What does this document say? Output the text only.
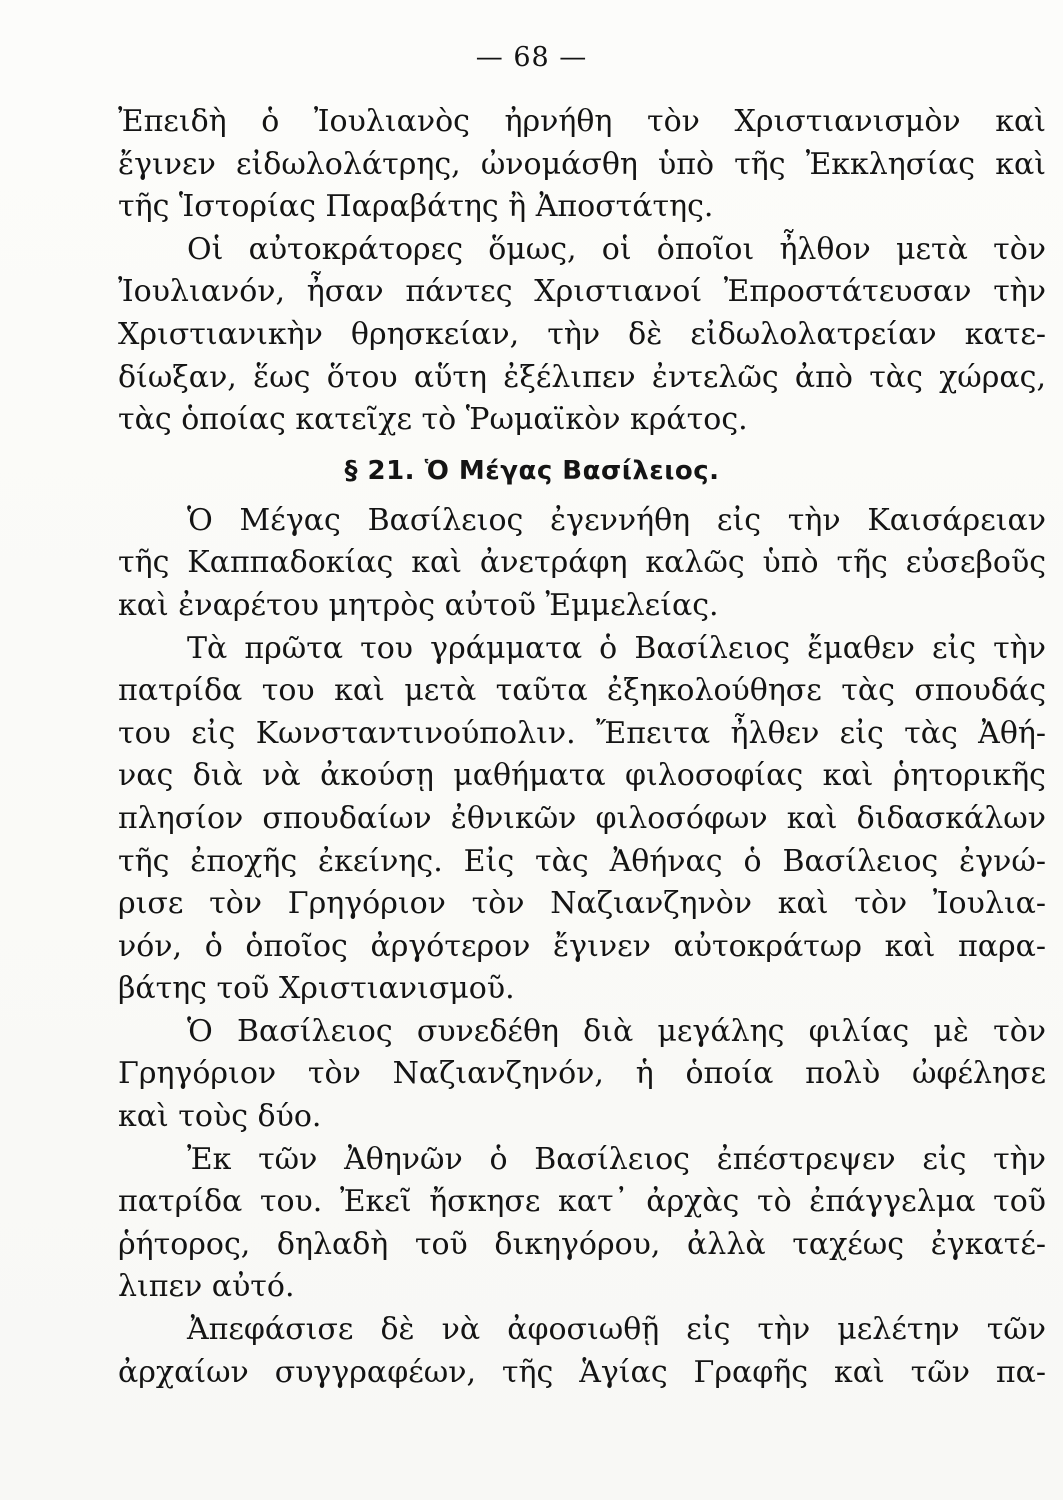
— 68 —
Ἐπειδὴ ὁ Ἰουλιανὸς ἠρνήθη τὸν Χριστιανισμὸν καὶ
ἔγινεν εἰδωλολάτρης, ὠνομάσθη ὑπὸ τῆς Ἐκκλησίας καὶ
τῆς Ἱστορίας Παραβάτης ἢ Ἀποστάτης.
Οἱ αὐτοκράτορες ὅμως, οἱ ὁποῖοι ἦλθον μετὰ τὸν
Ἰουλιανόν, ἦσαν πάντες Χριστιανοί Ἐπροστάτευσαν τὴν
Χριστιανικὴν θρησκείαν, τὴν δὲ εἰδωλολατρείαν κατε-
δίωξαν, ἕως ὅτου αὕτη ἐξέλιπεν ἐντελῶς ἀπὸ τὰς χώρας,
τὰς ὁποίας κατεῖχε τὸ Ῥωμαϊκὸν κράτος.
§ 21. Ὁ Μέγας Βασίλειος.
Ὁ Μέγας Βασίλειος ἐγεννήθη εἰς τὴν Καισάρειαν
τῆς Καππαδοκίας καὶ ἀνετράφη καλῶς ὑπὸ τῆς εὐσεβοῦς
καὶ ἐναρέτου μητρὸς αὐτοῦ Ἐμμελείας.
Τὰ πρῶτα του γράμματα ὁ Βασίλειος ἔμαθεν εἰς τὴν
πατρίδα του καὶ μετὰ ταῦτα ἐξηκολούθησε τὰς σπουδάς
του εἰς Κωνσταντινούπολιν. Ἔπειτα ἦλθεν εἰς τὰς Ἀθή-
νας διὰ νὰ ἀκούσῃ μαθήματα φιλοσοφίας καὶ ῥητορικῆς
πλησίον σπουδαίων ἐθνικῶν φιλοσόφων καὶ διδασκάλων
τῆς ἐποχῆς ἐκείνης. Εἰς τὰς Ἀθήνας ὁ Βασίλειος ἐγνώ-
ρισε τὸν Γρηγόριον τὸν Ναζιανζηνὸν καὶ τὸν Ἰουλια-
νόν, ὁ ὁποῖος ἀργότερον ἔγινεν αὐτοκράτωρ καὶ παρα-
βάτης τοῦ Χριστιανισμοῦ.
Ὁ Βασίλειος συνεδέθη διὰ μεγάλης φιλίας μὲ τὸν
Γρηγόριον τὸν Ναζιανζηνόν, ἡ ὁποία πολὺ ὠφέλησε
καὶ τοὺς δύο.
Ἐκ τῶν Ἀθηνῶν ὁ Βασίλειος ἐπέστρεψεν εἰς τὴν
πατρίδα του. Ἐκεῖ ἤσκησε κατ᾽ ἀρχὰς τὸ ἐπάγγελμα τοῦ
ῥήτορος, δηλαδὴ τοῦ δικηγόρου, ἀλλὰ ταχέως ἐγκατέ-
λιπεν αὐτό.
Ἀπεφάσισε δὲ νὰ ἀφοσιωθῇ εἰς τὴν μελέτην τῶν
ἀρχαίων συγγραφέων, τῆς Ἁγίας Γραφῆς καὶ τῶν πα-
